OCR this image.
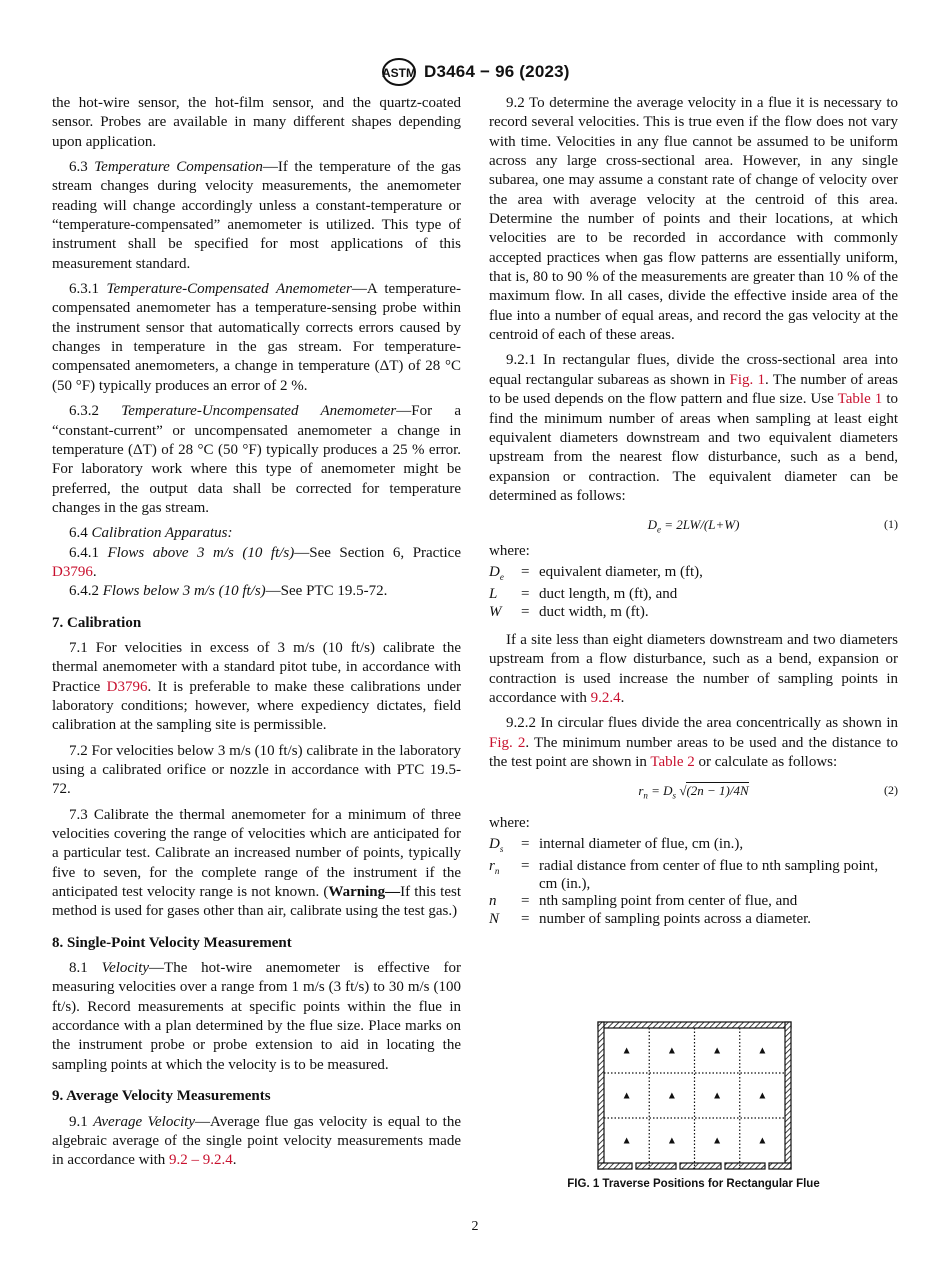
ASTM D3464 − 96 (2023)

the hot-wire sensor, the hot-film sensor, and the quartz-coated sensor. Probes are available in many different shapes depending upon application.

6.3 Temperature Compensation—If the temperature of the gas stream changes during velocity measurements, the anemometer reading will change accordingly unless a constant-temperature or “temperature-compensated” anemometer is utilized. This type of instrument shall be specified for most applications of this measurement standard.

6.3.1 Temperature-Compensated Anemometer—A temperature-compensated anemometer has a temperature-sensing probe within the instrument sensor that automatically corrects errors caused by changes in temperature in the gas stream. For temperature-compensated anemometers, a change in temperature (ΔT) of 28 °C (50 °F) typically produces an error of 2 %.

6.3.2 Temperature-Uncompensated Anemometer—For a “constant-current” or uncompensated anemometer a change in temperature (ΔT) of 28 °C (50 °F) typically produces a 25 % error. For laboratory work where this type of anemometer might be preferred, the output data shall be corrected for temperature changes in the gas stream.

6.4 Calibration Apparatus:

6.4.1 Flows above 3 m/s (10 ft/s)—See Section 6, Practice D3796.

6.4.2 Flows below 3 m/s (10 ft/s)—See PTC 19.5-72.

7. Calibration

7.1 For velocities in excess of 3 m/s (10 ft/s) calibrate the thermal anemometer with a standard pitot tube, in accordance with Practice D3796. It is preferable to make these calibrations under laboratory conditions; however, where expediency dictates, field calibration at the sampling site is permissible.

7.2 For velocities below 3 m/s (10 ft/s) calibrate in the laboratory using a calibrated orifice or nozzle in accordance with PTC 19.5-72.

7.3 Calibrate the thermal anemometer for a minimum of three velocities covering the range of velocities which are anticipated for a particular test. Calibrate an increased number of points, typically five to seven, for the complete range of the instrument if the anticipated test velocity range is not known. (Warning—If this test method is used for gases other than air, calibrate using the test gas.)

8. Single-Point Velocity Measurement

8.1 Velocity—The hot-wire anemometer is effective for measuring velocities over a range from 1 m/s (3 ft/s) to 30 m/s (100 ft/s). Record measurements at specific points within the flue in accordance with a plan determined by the flue size. Place marks on the instrument probe or probe extension to aid in locating the sampling points at which the velocity is to be measured.

9. Average Velocity Measurements

9.1 Average Velocity—Average flue gas velocity is equal to the algebraic average of the single point velocity measurements made in accordance with 9.2 – 9.2.4.

9.2 To determine the average velocity in a flue it is necessary to record several velocities. This is true even if the flow does not vary with time. Velocities in any flue cannot be assumed to be uniform across any large cross-sectional area. However, in any single subarea, one may assume a constant rate of change of velocity over the area with average velocity at the centroid of this area. Determine the number of points and their locations, at which velocities are to be recorded in accordance with commonly accepted practices when gas flow patterns are essentially uniform, that is, 80 to 90 % of the measurements are greater than 10 % of the maximum flow. In all cases, divide the effective inside area of the flue into a number of equal areas, and record the gas velocity at the centroid of each of these areas.

9.2.1 In rectangular flues, divide the cross-sectional area into equal rectangular subareas as shown in Fig. 1. The number of areas to be used depends on the flow pattern and flue size. Use Table 1 to find the minimum number of areas when sampling at least eight equivalent diameters downstream and two equivalent diameters upstream from the nearest flow disturbance, such as a bend, expansion or contraction. The equivalent diameter can be determined as follows:

$D_e = 2LW/(L+W)$	(1)
where:
$D_e$	= equivalent diameter, m (ft),
L	= duct length, m (ft), and
W	= duct width, m (ft).

If a site less than eight diameters downstream and two diameters upstream from a flow disturbance, such as a bend, expansion or contraction is used increase the number of sampling points in accordance with 9.2.4.

9.2.2 In circular flues divide the area concentrically as shown in Fig. 2. The minimum number areas to be used and the distance to the test point are shown in Table 2 or calculate as follows:

$r_n = D_s$ √(2n − 1)/4N	(2)
where:
$D_s$	= internal diameter of flue, cm (in.),
$r_n$	= radial distance from center of flue to nth sampling point, cm (in.),
n	= nth sampling point from center of flue, and
N	= number of sampling points across a diameter.
FIG. 1 Traverse Positions for Rectangular Flue
2
